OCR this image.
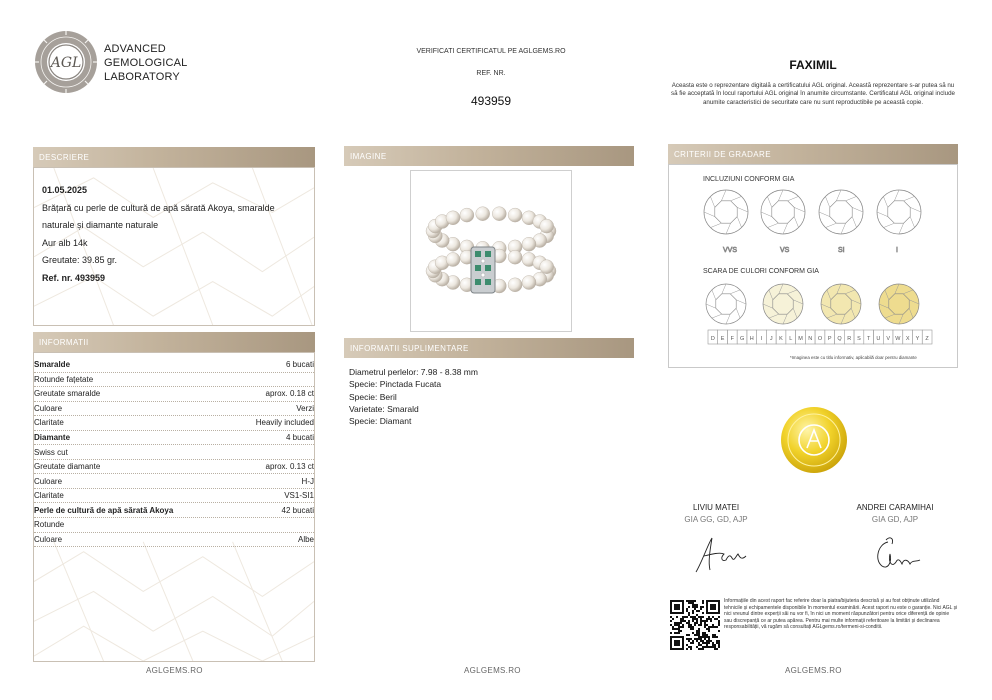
AGL
ADVANCED
GEMOLOGICAL
LABORATORY
VERIFICATI CERTIFICATUL PE AGLGEMS.RO
REF. NR.
493959
FAXIMIL
Aceasta este o reprezentare digitală a certificatului AGL original. Această reprezentare s-ar putea să nu să fie acceptată în locul raportului AGL original în anumite circumstante. Certificatul AGL original include anumite caracteristici de securitate care nu sunt reproductibile pe această copie.
DESCRIERE
01.05.2025
Brățară cu perle de cultură de apă sărată Akoya, smaralde
naturale și diamante naturale
Aur alb 14k
Greutate: 39.85 gr.
Ref. nr. 493959
INFORMATII
Smaralde	6 bucati
Rotunde fațetate
Greutate smaralde	aprox. 0.18 ct
Culoare	Verzi
Claritate	Heavily included
Diamante	4 bucati
Swiss cut
Greutate diamante	aprox. 0.13 ct
Culoare	H-J
Claritate	VS1-SI1
Perle de cultură de apă sărată Akoya	42 bucati
Rotunde
Culoare	Albe
IMAGINE
INFORMATII SUPLIMENTARE
Diametrul perlelor: 7.98 - 8.38 mm
Specie: Pinctada Fucata
Specie: Beril
Varietate: Smarald
Specie: Diamant
CRITERII DE GRADARE
INCLUZIUNI CONFORM GIA
VVS	VS	SI	I
SCARA DE CULORI CONFORM GIA
D E F G H I J K L M N O P Q R S T U V W X Y Z
*Imaginea este cu titlu informativ, aplicabilă doar pentru diamante
LIVIU MATEI
GIA GG, GD, AJP
ANDREI CARAMIHAI
GIA GD, AJP
Informațiile din acest raport fac referire doar la piatra/bijuteria descrisă și au fost obținute utilizând tehnicile și echipamentele disponibile în momentul examinării. Acest raport nu este o garanție. Nici AGL și nici vreunul dintre experții săi nu vor fi, în nici un moment răspunzători pentru orice diferență de opinie sau discrepanță ce ar putea apărea. Pentru mai multe informații referitoare la limitări și declinarea responsabilității, vă rugăm să consultați AGLgems.ro/termeni-si-conditii.
AGLGEMS.RO	AGLGEMS.RO	AGLGEMS.RO
